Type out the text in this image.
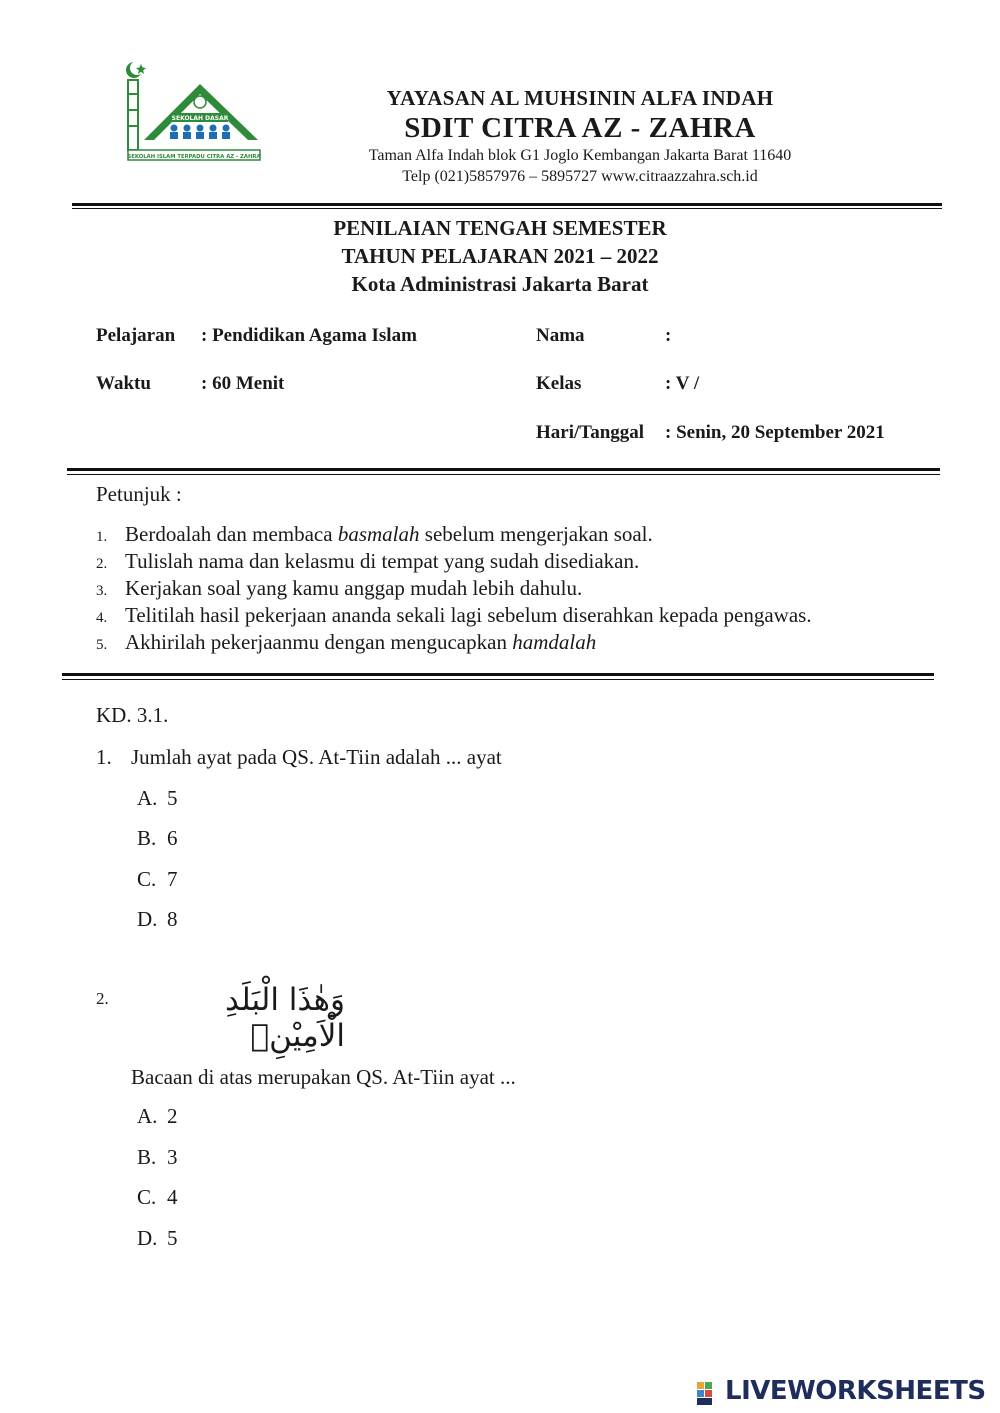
SEKOLAH DASAR
SEKOLAH ISLAM TERPADU CITRA AZ - ZAHRA
YAYASAN AL MUHSININ ALFA INDAH
SDIT CITRA AZ - ZAHRA
Taman Alfa Indah blok G1 Joglo Kembangan Jakarta Barat 11640
Telp (021)5857976 – 5895727 www.citraazzahra.sch.id
PENILAIAN TENGAH SEMESTER
TAHUN PELAJARAN 2021 – 2022
Kota Administrasi Jakarta Barat
Pelajaran : Pendidikan Agama Islam
Waktu	: 60 Menit
Nama	:
Kelas	: V /
Hari/Tanggal : Senin, 20 September 2021
Petunjuk :
1. Berdoalah dan membaca basmalah sebelum mengerjakan soal.
2. Tulislah nama dan kelasmu di tempat yang sudah disediakan.
3. Kerjakan soal yang kamu anggap mudah lebih dahulu.
4. Telitilah hasil pekerjaan ananda sekali lagi sebelum diserahkan kepada pengawas.
5. Akhirilah pekerjaanmu dengan mengucapkan hamdalah
KD. 3.1.
1. Jumlah ayat pada QS. At-Tiin adalah ... ayat
A. 5
B. 6
C. 7
D. 8
2.	وَهٰذَا الْبَلَدِ الْاَمِيْنِۙ
Bacaan di atas merupakan QS. At-Tiin ayat ...
A. 2
B. 3
C. 4
D. 5
LIVEWORKSHEETS
